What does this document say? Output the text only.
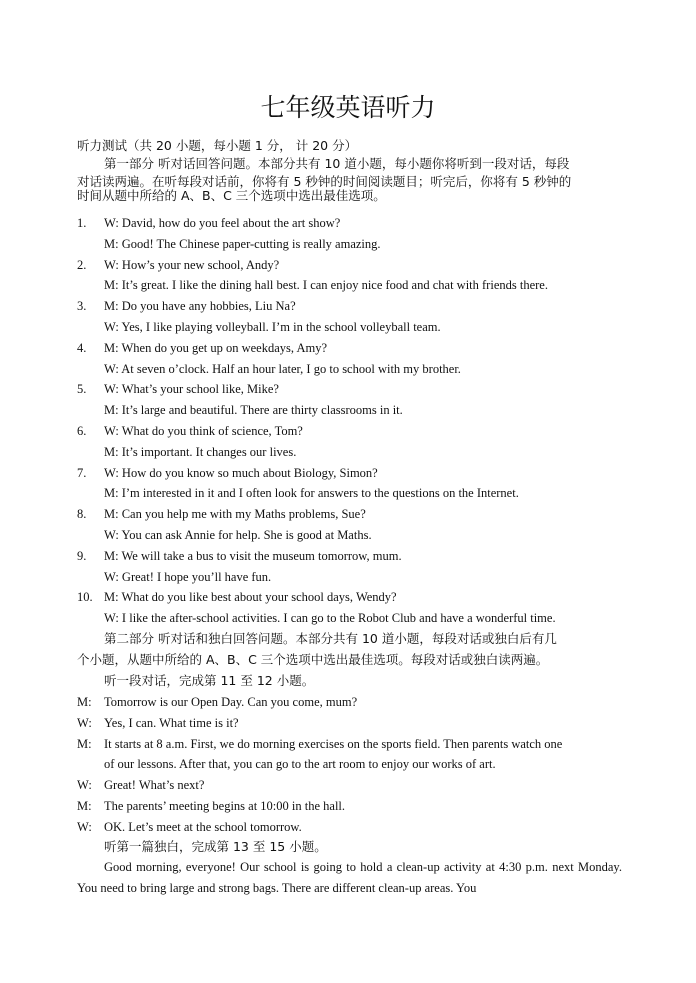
七年级英语听力
听力测试（共 20 小题，每小题 1 分， 计 20 分）
第一部分 听对话回答问题。本部分共有 10 道小题，每小题你将听到一段对话，每段
对话读两遍。在听每段对话前，你将有 5 秒钟的时间阅读题目；听完后，你将有 5 秒钟的
时间从题中所给的 A、B、C 三个选项中选出最佳选项。
1. W: David, how do you feel about the art show?
M: Good! The Chinese paper-cutting is really amazing.
2. W: How’s your new school, Andy?
M: It’s great. I like the dining hall best. I can enjoy nice food and chat with friends there.
3. M: Do you have any hobbies, Liu Na?
W: Yes, I like playing volleyball. I’m in the school volleyball team.
4. M: When do you get up on weekdays, Amy?
W: At seven o’clock. Half an hour later, I go to school with my brother.
5. W: What’s your school like, Mike?
M: It’s large and beautiful. There are thirty classrooms in it.
6. W: What do you think of science, Tom?
M: It’s important. It changes our lives.
7. W: How do you know so much about Biology, Simon?
M: I’m interested in it and I often look for answers to the questions on the Internet.
8. M: Can you help me with my Maths problems, Sue?
W: You can ask Annie for help. She is good at Maths.
9. M: We will take a bus to visit the museum tomorrow, mum.
W: Great! I hope you’ll have fun.
10. M: What do you like best about your school days, Wendy?
W: I like the after-school activities. I can go to the Robot Club and have a wonderful time.
第二部分 听对话和独白回答问题。本部分共有 10 道小题，每段对话或独白后有几
个小题，从题中所给的 A、B、C 三个选项中选出最佳选项。每段对话或独白读两遍。
听一段对话，完成第 11 至 12 小题。
M: Tomorrow is our Open Day. Can you come, mum?
W: Yes, I can. What time is it?
M: It starts at 8 a.m. First, we do morning exercises on the sports field. Then parents watch one
of our lessons. After that, you can go to the art room to enjoy our works of art.
W: Great! What’s next?
M: The parents’ meeting begins at 10:00 in the hall.
W: OK. Let’s meet at the school tomorrow.
听第一篇独白，完成第 13 至 15 小题。
Good morning, everyone! Our school is going to hold a clean-up activity at 4:30 p.m. next Monday. You need to bring large and strong bags. There are different clean-up areas. You
